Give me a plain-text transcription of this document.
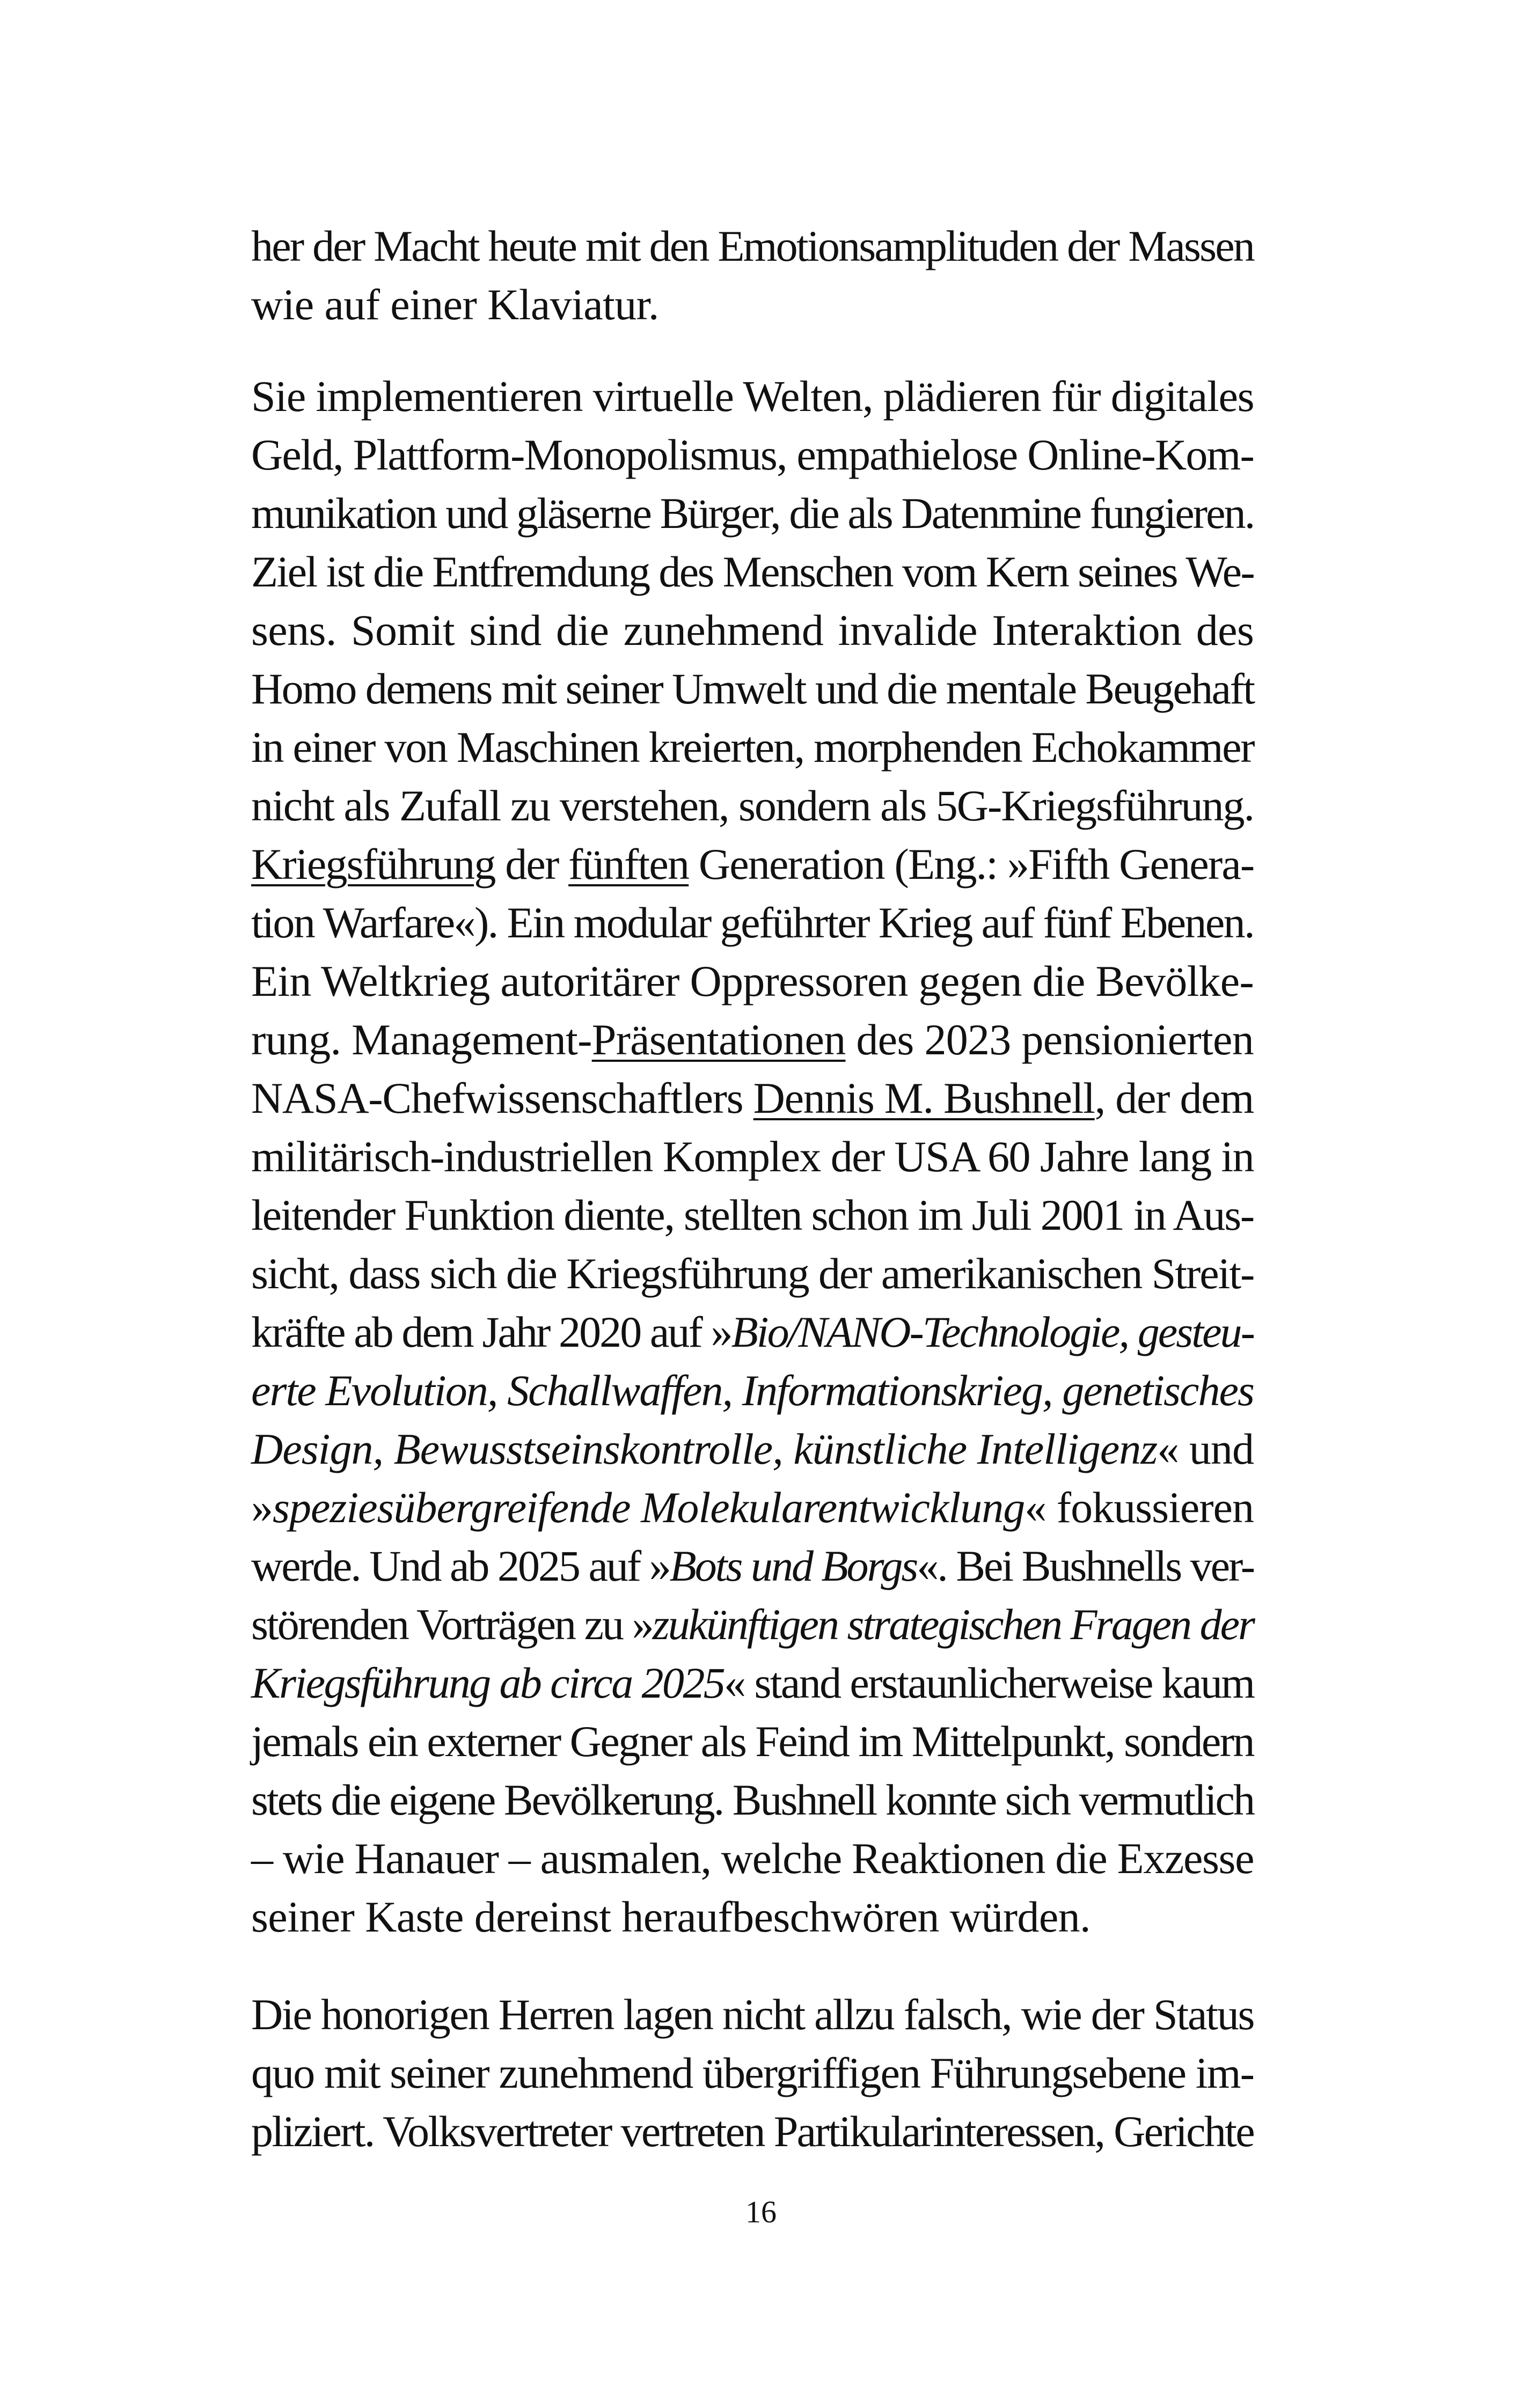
her der Macht heute mit den Emotionsamplituden der Massen
wie auf einer Klaviatur.
Sie implementieren virtuelle Welten, plädieren für digitales
Geld, Plattform-Monopolismus, empathielose Online-Kom-
munikation und gläserne Bürger, die als Datenmine fungieren.
Ziel ist die Entfremdung des Menschen vom Kern seines We-
sens. Somit sind die zunehmend invalide Interaktion des
Homo demens mit seiner Umwelt und die mentale Beugehaft
in einer von Maschinen kreierten, morphenden Echokammer
nicht als Zufall zu verstehen, sondern als 5G-Kriegsführung.
Kriegsführung der fünften Generation (Eng.: »Fifth Genera-
tion Warfare«). Ein modular geführter Krieg auf fünf Ebenen.
Ein Weltkrieg autoritärer Oppressoren gegen die Bevölke-
rung. Management-Präsentationen des 2023 pensionierten
NASA-Chefwissenschaftlers Dennis M. Bushnell, der dem
militärisch-industriellen Komplex der USA 60 Jahre lang in
leitender Funktion diente, stellten schon im Juli 2001 in Aus-
sicht, dass sich die Kriegsführung der amerikanischen Streit-
kräfte ab dem Jahr 2020 auf »Bio/NANO-Technologie, gesteu-
erte Evolution, Schallwaffen, Informationskrieg, genetisches
Design, Bewusstseinskontrolle, künstliche Intelligenz« und
»speziesübergreifende Molekularentwicklung« fokussieren
werde. Und ab 2025 auf »Bots und Borgs«. Bei Bushnells ver-
störenden Vorträgen zu »zukünftigen strategischen Fragen der
Kriegsführung ab circa 2025« stand erstaunlicherweise kaum
jemals ein externer Gegner als Feind im Mittelpunkt, sondern
stets die eigene Bevölkerung. Bushnell konnte sich vermutlich
– wie Hanauer – ausmalen, welche Reaktionen die Exzesse
seiner Kaste dereinst heraufbeschwören würden.
Die honorigen Herren lagen nicht allzu falsch, wie der Status
quo mit seiner zunehmend übergriffigen Führungsebene im-
pliziert. Volksvertreter vertreten Partikularinteressen, Gerichte
16
